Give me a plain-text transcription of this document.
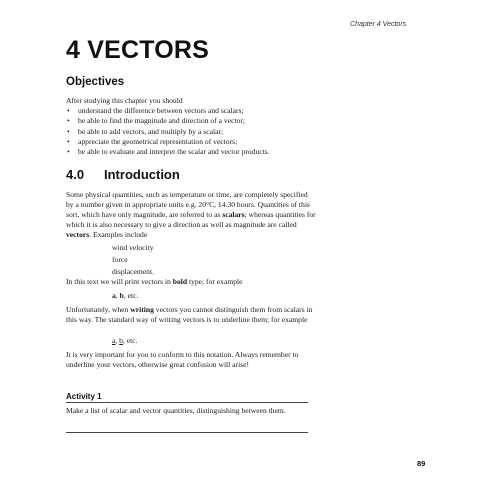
Chapter 4 Vectors
4 VECTORS
Objectives
After studying this chapter you should
• understand the difference between vectors and scalars;
• be able to find the magnitude and direction of a vector;
• be able to add vectors, and multiply by a scalar;
• appreciate the geometrical representation of vectors;
• be able to evaluate and interpret the scalar and vector products.
4.0 Introduction

Some physical quantities, such as temperature or time, are completely specified by a number given in appropriate units e.g. 20°C, 14.30 hours. Quantities of this sort, which have only magnitude, are referred to as scalars; whereas quantities for which it is also necessary to give a direction as well as magnitude are called vectors. Examples include

wind velocity
force
displacement.

In this text we will print vectors in bold type; for example

a, b, etc.

Unfortunately, when writing vectors you cannot distinguish them from scalars in this way. The standard way of writing vectors is to underline them; for example

a, b, etc.

It is very important for you to conform to this notation. Always remember to underline your vectors, otherwise great confusion will arise!

Activity 1

Make a list of scalar and vector quantities, distinguishing between them.

89
